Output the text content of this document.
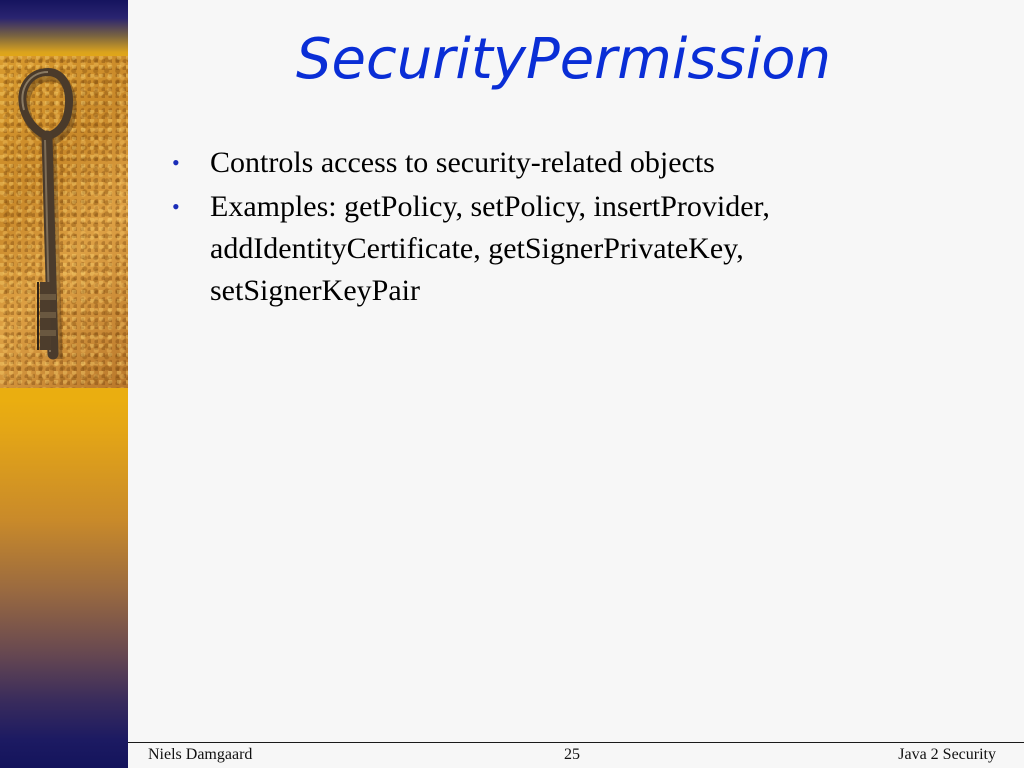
SecurityPermission
• Controls access to security-related objects
• Examples: getPolicy, setPolicy, insertProvider,
addIdentityCertificate, getSignerPrivateKey,
setSignerKeyPair
Niels Damgaard	25	Java 2 Security
